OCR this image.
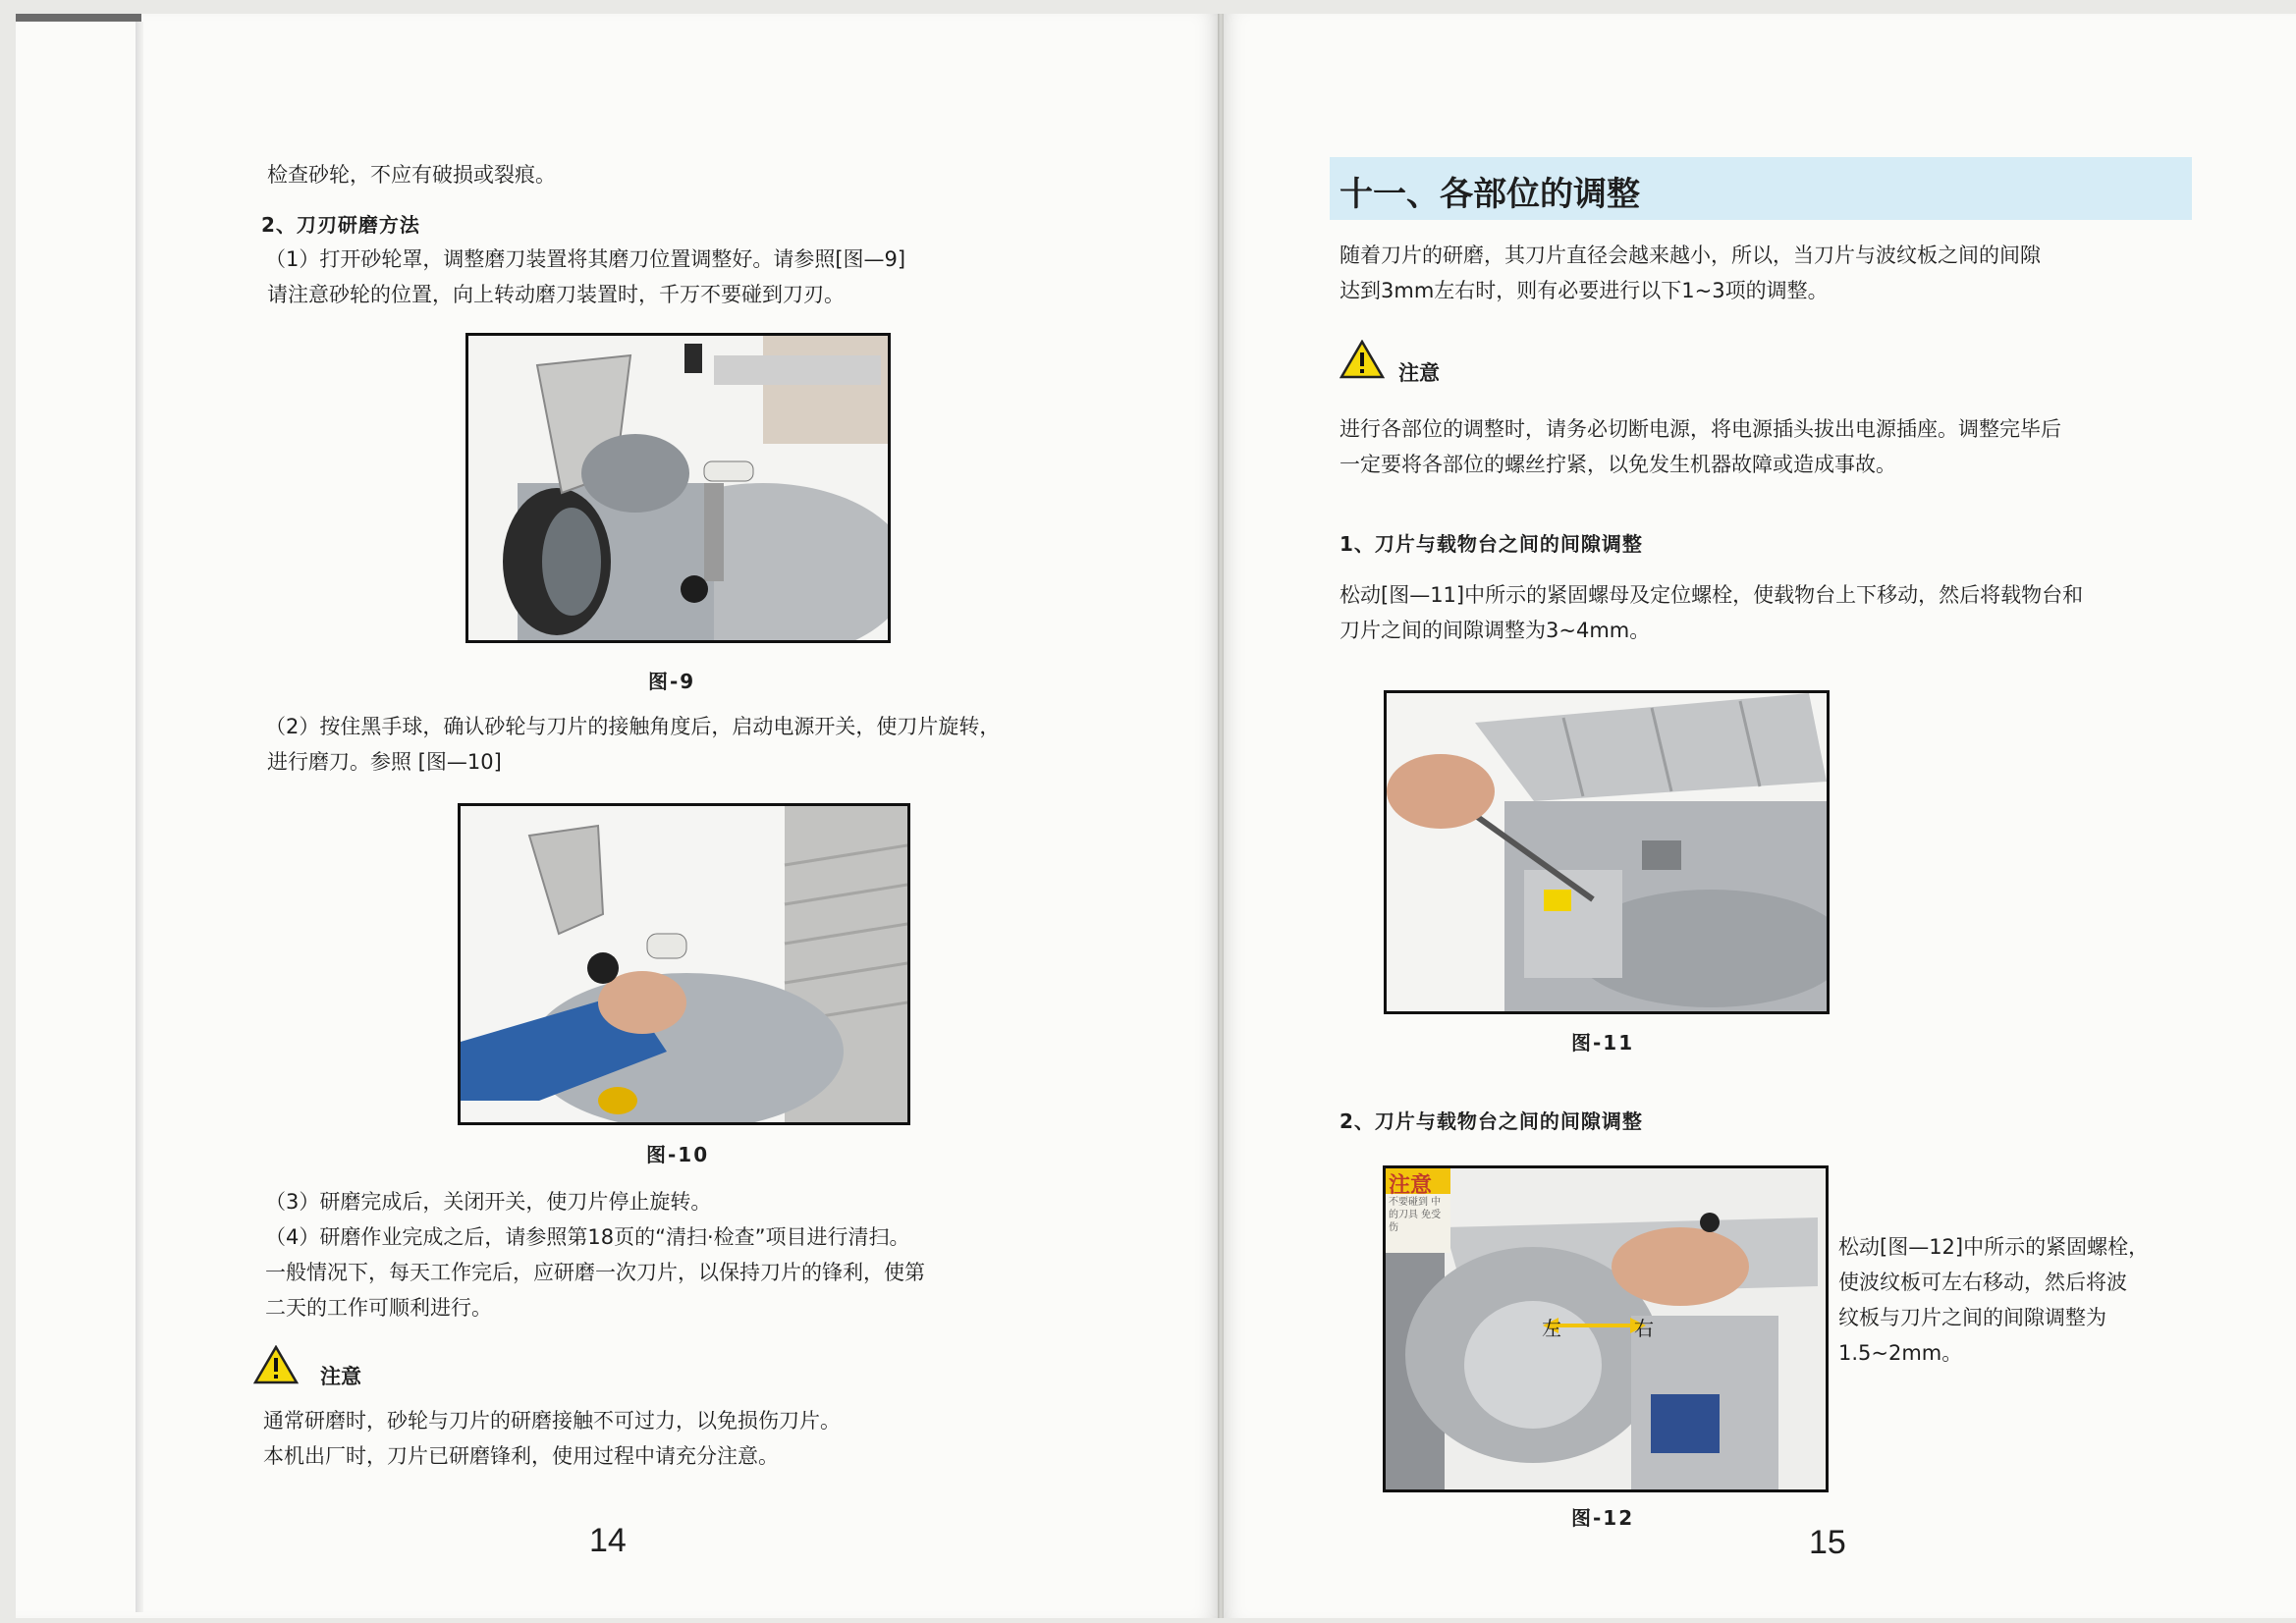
检查砂轮，不应有破损或裂痕。
2、刀刃研磨方法
（1）打开砂轮罩，调整磨刀装置将其磨刀位置调整好。请参照[图—9]
请注意砂轮的位置，向上转动磨刀装置时，千万不要碰到刀刃。
图-9
（2）按住黑手球，确认砂轮与刀片的接触角度后，启动电源开关，使刀片旋转，
进行磨刀。参照 [图—10]
图-10
（3）研磨完成后，关闭开关，使刀片停止旋转。
（4）研磨作业完成之后，请参照第18页的“清扫·检查”项目进行清扫。
一般情况下，每天工作完后，应研磨一次刀片，以保持刀片的锋利，使第
二天的工作可顺利进行。
注意
通常研磨时，砂轮与刀片的研磨接触不可过力，以免损伤刀片。
本机出厂时，刀片已研磨锋利，使用过程中请充分注意。
14
十一、各部位的调整
随着刀片的研磨，其刀片直径会越来越小，所以，当刀片与波纹板之间的间隙
达到3mm左右时，则有必要进行以下1~3项的调整。
注意
进行各部位的调整时，请务必切断电源，将电源插头拔出电源插座。调整完毕后
一定要将各部位的螺丝拧紧，以免发生机器故障或造成事故。
1、刀片与载物台之间的间隙调整
松动[图—11]中所示的紧固螺母及定位螺栓，使载物台上下移动，然后将载物台和
刀片之间的间隙调整为3~4mm。
图-11
2、刀片与载物台之间的间隙调整
注意
不要碰到 中的刀具 免受伤
左	右
松动[图—12]中所示的紧固螺栓，
使波纹板可左右移动，然后将波
纹板与刀片之间的间隙调整为
1.5~2mm。
图-12
15
